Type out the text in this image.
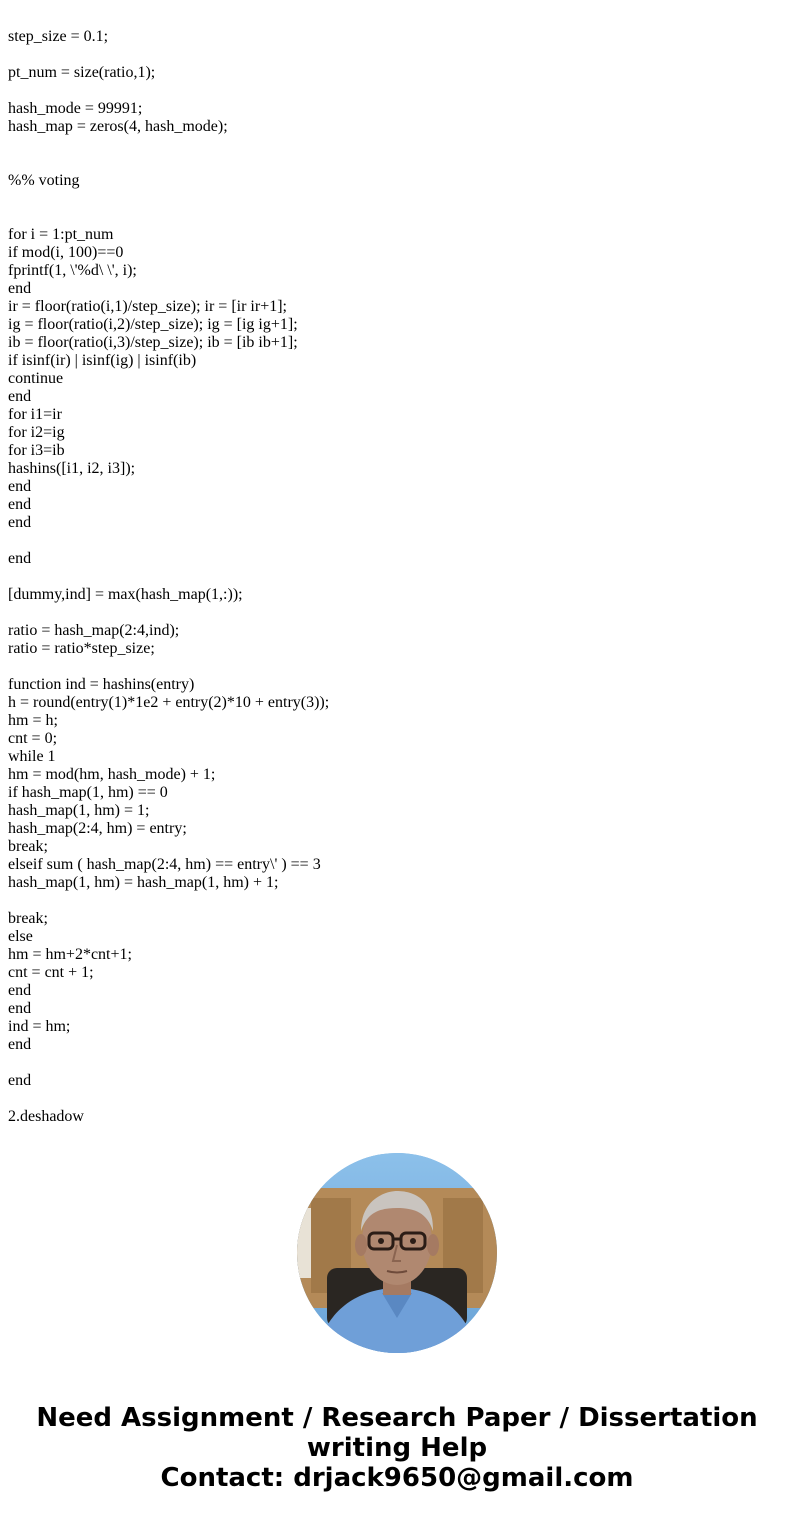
step_size = 0.1;
pt_num = size(ratio,1);
hash_mode = 99991;
hash_map = zeros(4, hash_mode);
%% voting
for i = 1:pt_num
if mod(i, 100)==0
fprintf(1, \'%d\ \', i);
end
ir = floor(ratio(i,1)/step_size); ir = [ir ir+1];
ig = floor(ratio(i,2)/step_size); ig = [ig ig+1];
ib = floor(ratio(i,3)/step_size); ib = [ib ib+1];
if isinf(ir) | isinf(ig) | isinf(ib)
continue
end
for i1=ir
for i2=ig
for i3=ib
hashins([i1, i2, i3]);
end
end
end
end
[dummy,ind] = max(hash_map(1,:));
ratio = hash_map(2:4,ind);
ratio = ratio*step_size;
function ind = hashins(entry)
h = round(entry(1)*1e2 + entry(2)*10 + entry(3));
hm = h;
cnt = 0;
while 1
hm = mod(hm, hash_mode) + 1;
if hash_map(1, hm) == 0
hash_map(1, hm) = 1;
hash_map(2:4, hm) = entry;
break;
elseif sum ( hash_map(2:4, hm) == entry\' ) == 3
hash_map(1, hm) = hash_map(1, hm) + 1;
break;
else
hm = hm+2*cnt+1;
cnt = cnt + 1;
end
end
ind = hm;
end
end
2.deshadow
Need Assignment / Research Paper / Dissertation
writing Help
Contact: drjack9650@gmail.com
